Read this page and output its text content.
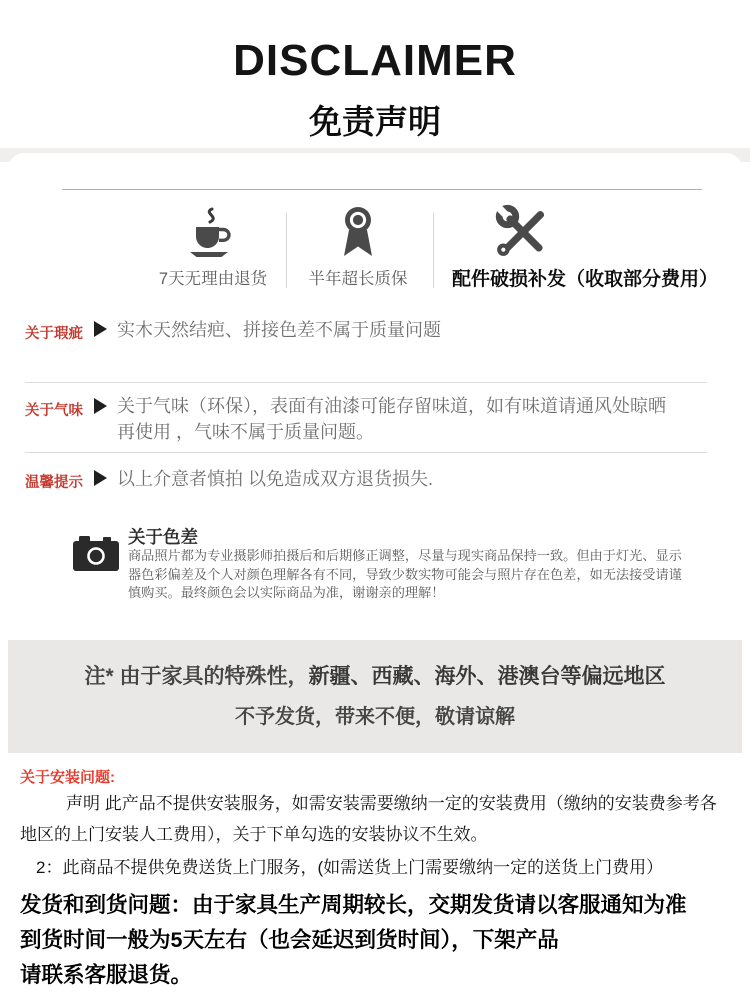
DISCLAIMER
免责声明
7天无理由退货	半年超长质保	配件破损补发（收取部分费用）
关于瑕疵 实木天然结疤、拼接色差不属于质量问题
关于气味 关于气味（环保），表面有油漆可能存留味道，如有味道请通风处晾晒
再使用 ，气味不属于质量问题。
温馨提示 以上介意者慎拍 以免造成双方退货损失.
关于色差
商品照片都为专业摄影师拍摄后和后期修正调整，尽量与现实商品保持一致。但由于灯光、显示
器色彩偏差及个人对颜色理解各有不同，导致少数实物可能会与照片存在色差，如无法接受请谨
慎购买。最终颜色会以实际商品为准，谢谢亲的理解！
注* 由于家具的特殊性，新疆、西藏、海外、港澳台等偏远地区
不予发货，带来不便，敬请谅解
关于安装问题:
声明 此产品不提供安装服务，如需安装需要缴纳一定的安装费用（缴纳的安装费参考各地区的上门安装人工费用），关于下单勾选的安装协议不生效。
2：此商品不提供免费送货上门服务，(如需送货上门需要缴纳一定的送货上门费用）
发货和到货问题：由于家具生产周期较长，交期发货请以客服通知为准
到货时间一般为5天左右（也会延迟到货时间），下架产品
请联系客服退货。
